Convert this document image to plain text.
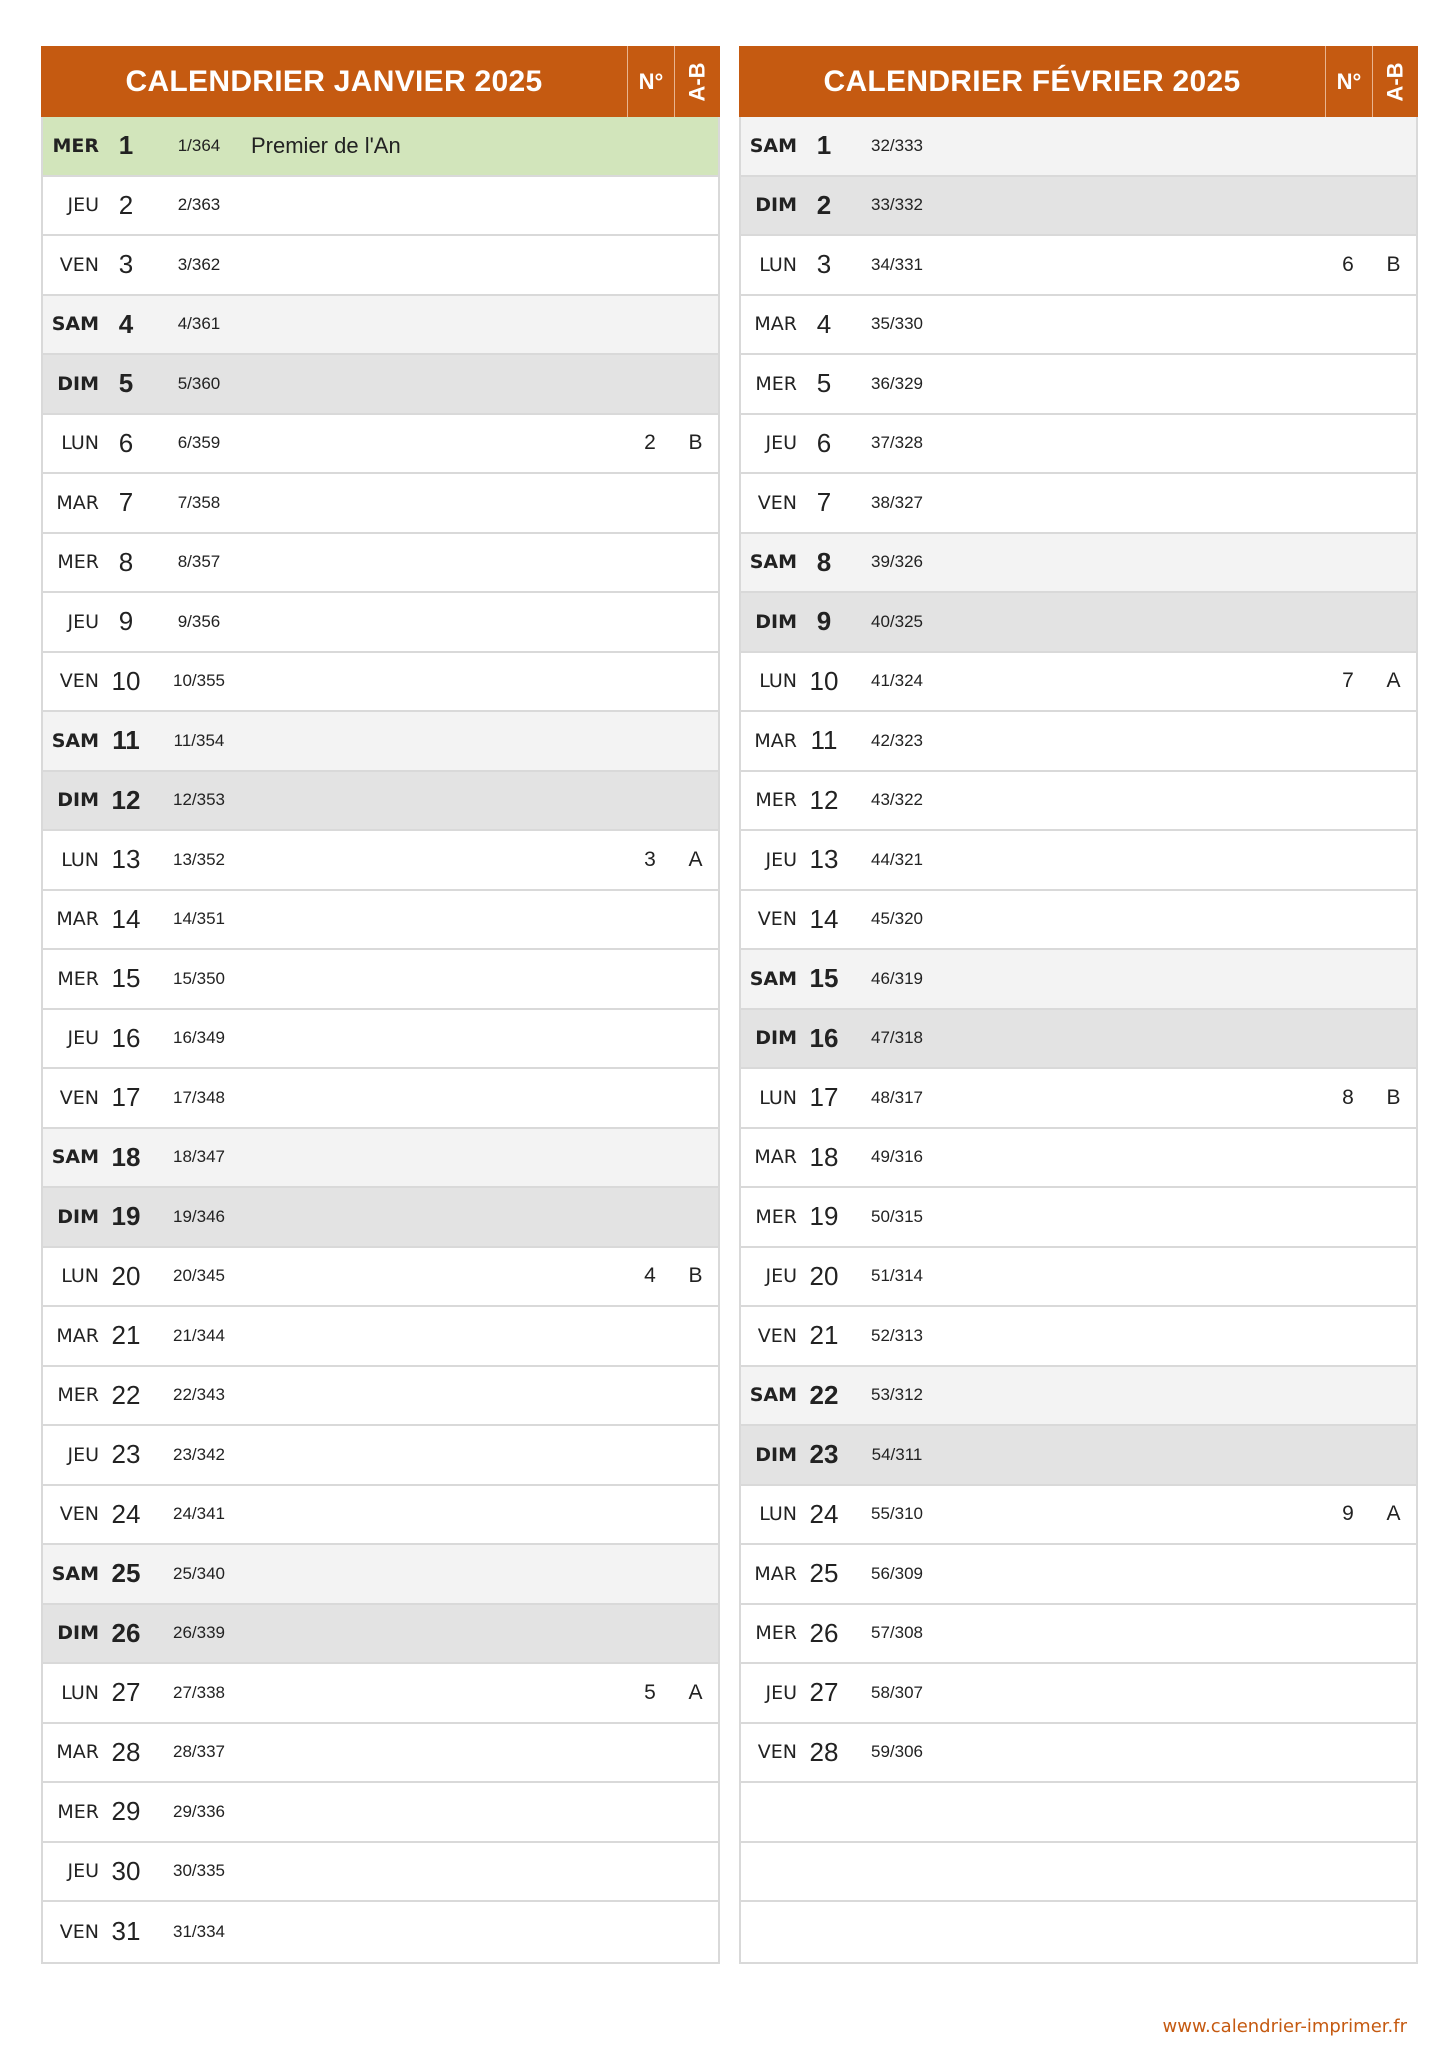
CALENDRIER JANVIER 2025	N° A-B
MER 1	1/364	Premier de l'An
JEU 2	2/363
VEN 3	3/362
SAM 4	4/361
DIM 5	5/360
LUN 6	6/359	2	B
MAR 7	7/358
MER 8	8/357
JEU 9	9/356
VEN 10	10/355
SAM 11	11/354
DIM 12	12/353
LUN 13	13/352	3	A
MAR 14	14/351
MER 15	15/350
JEU 16	16/349
VEN 17	17/348
SAM 18	18/347
DIM 19	19/346
LUN 20	20/345	4	B
MAR 21	21/344
MER 22	22/343
JEU 23	23/342
VEN 24	24/341
SAM 25	25/340
DIM 26	26/339
LUN 27	27/338	5	A
MAR 28	28/337
MER 29	29/336
JEU 30	30/335
VEN 31	31/334
CALENDRIER FÉVRIER 2025	N° A-B
SAM 1	32/333
DIM 2	33/332
LUN 3	34/331	6	B
MAR 4	35/330
MER 5	36/329
JEU 6	37/328
VEN 7	38/327
SAM 8	39/326
DIM 9	40/325
LUN 10	41/324	7	A
MAR 11	42/323
MER 12	43/322
JEU 13	44/321
VEN 14	45/320
SAM 15	46/319
DIM 16	47/318
LUN 17	48/317	8	B
MAR 18	49/316
MER 19	50/315
JEU 20	51/314
VEN 21	52/313
SAM 22	53/312
DIM 23	54/311
LUN 24	55/310	9	A
MAR 25	56/309
MER 26	57/308
JEU 27	58/307
VEN 28	59/306
www.calendrier-imprimer.fr
